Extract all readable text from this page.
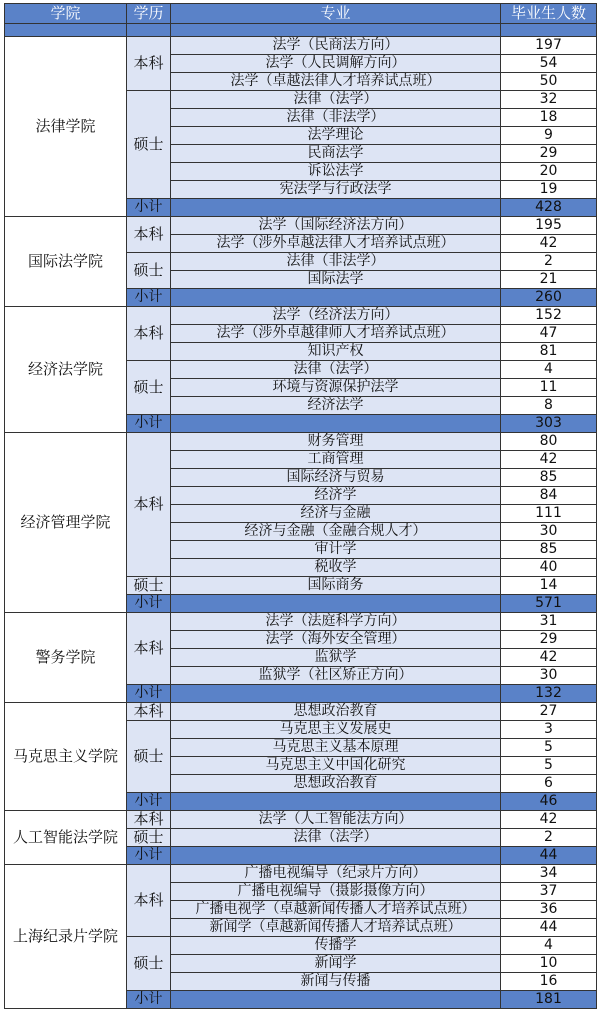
学院	学历	专业	毕业生人数

法律学院	本科	法学（民商法方向）	197
		法学（人民调解方向）	54
		法学（卓越法律人才培养试点班）	50
	硕士	法律（法学）	32
		法律（非法学）	18
		法学理论	9
		民商法学	29
		诉讼法学	20
		宪法学与行政法学	19
	小计		428
国际法学院	本科	法学（国际经济法方向）	195
		法学（涉外卓越法律人才培养试点班）	42
	硕士	法律（非法学）	2
		国际法学	21
	小计		260
经济法学院	本科	法学（经济法方向）	152
		法学（涉外卓越律师人才培养试点班）	47
		知识产权	81
	硕士	法律（法学）	4
		环境与资源保护法学	11
		经济法学	8
	小计		303
经济管理学院	本科	财务管理	80
		工商管理	42
		国际经济与贸易	85
		经济学	84
		经济与金融	111
		经济与金融（金融合规人才）	30
		审计学	85
		税收学	40
	硕士	国际商务	14
	小计		571
警务学院	本科	法学（法庭科学方向）	31
		法学（海外安全管理）	29
		监狱学	42
		监狱学（社区矫正方向）	30
	小计		132
马克思主义学院	本科	思想政治教育	27
	硕士	马克思主义发展史	3
		马克思主义基本原理	5
		马克思主义中国化研究	5
		思想政治教育	6
	小计		46
人工智能法学院	本科	法学（人工智能法方向）	42
	硕士	法律（法学）	2
	小计		44
上海纪录片学院	本科	广播电视编导（纪录片方向）	34
		广播电视编导（摄影摄像方向）	37
		广播电视学（卓越新闻传播人才培养试点班）	36
		新闻学（卓越新闻传播人才培养试点班）	44
	硕士	传播学	4
		新闻学	10
		新闻与传播	16
	小计		181
